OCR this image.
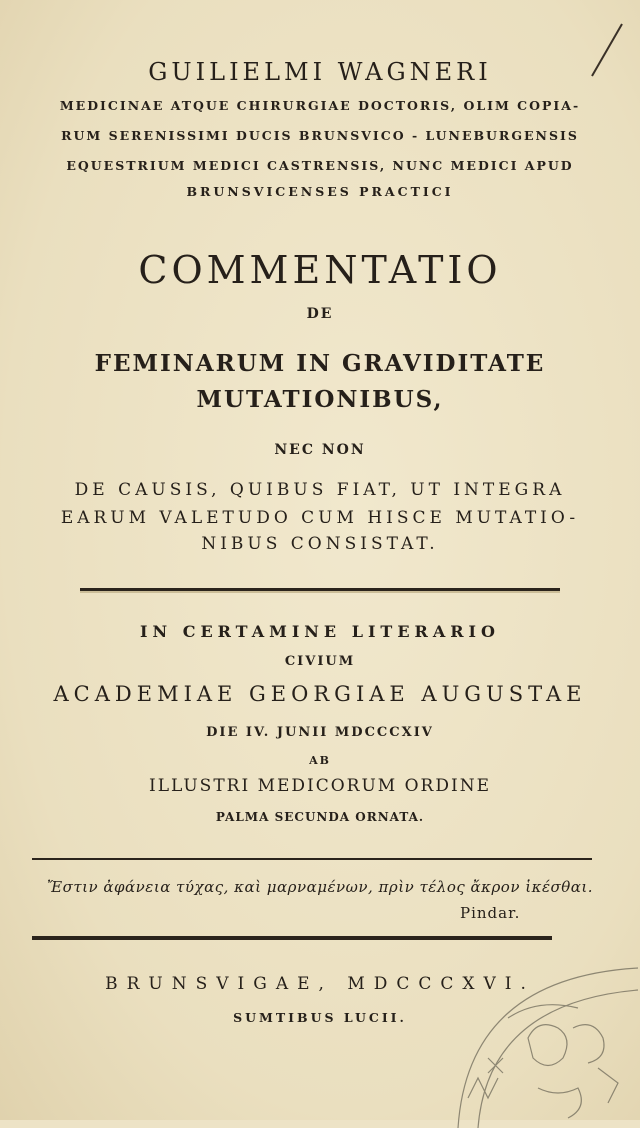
GUILIELMI WAGNERI
MEDICINAE ATQUE CHIRURGIAE DOCTORIS, OLIM COPIA-
RUM SERENISSIMI DUCIS BRUNSVICO - LUNEBURGENSIS
EQUESTRIUM MEDICI CASTRENSIS, NUNC MEDICI APUD
BRUNSVICENSES PRACTICI
COMMENTATIO
DE
FEMINARUM IN GRAVIDITATE
MUTATIONIBUS,
NEC NON
DE CAUSIS, QUIBUS FIAT, UT INTEGRA
EARUM VALETUDO CUM HISCE MUTATIO-
NIBUS CONSISTAT.
IN CERTAMINE LITERARIO
CIVIUM
ACADEMIAE GEORGIAE AUGUSTAE
DIE IV. JUNII MDCCCXIV
AB
ILLUSTRI MEDICORUM ORDINE
PALMA SECUNDA ORNATA.
Ἔστιν ἀφάνεια τύχας, καὶ μαρναμένων, πρὶν τέλος ἄκρον ἱκέσθαι.
Pindar.
BRUNSVIGAE, MDCCCXVI.
SUMTIBUS LUCII.
